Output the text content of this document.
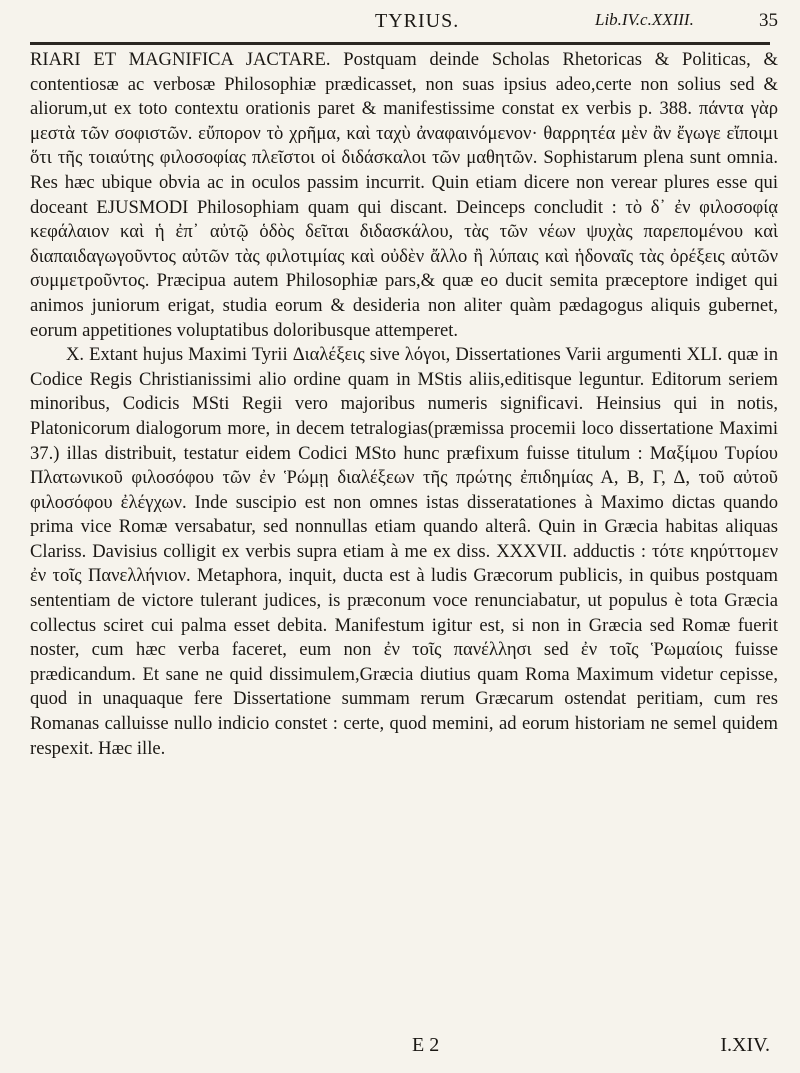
TYRIUS.	Lib.IV.c.XXIII.	35

RIARI ET MAGNIFICA JACTARE. Postquam deinde Scholas Rhetoricas & Politicas, & contentiosæ ac verbosæ Philosophiæ prædicasset, non suas ipsius adeo,certe non solius sed & aliorum,ut ex toto contextu orationis paret & manifestissime constat ex verbis p. 388. πάντα γὰρ μεστὰ τῶν σοφιστῶν. εὔπορον τὸ χρῆμα, καὶ ταχὺ ἀναφαινόμενον· θαρρητέα μὲν ἂν ἔγωγε εἴποιμι ὅτι τῆς τοιαύτης φιλοσοφίας πλεῖστοι οἱ διδάσκαλοι τῶν μαθητῶν. Sophistarum plena sunt omnia. Res hæc ubique obvia ac in oculos passim incurrit. Quin etiam dicere non verear plures esse qui doceant EJUSMODI Philosophiam quam qui discant. Deinceps concludit : τὸ δ᾽ ἐν φιλοσοφίᾳ κεφάλαιον καὶ ἡ ἐπ᾽ αὐτῷ ὁδὸς δεῖται διδασκάλου, τὰς τῶν νέων ψυχὰς παρεπομένου καὶ διαπαιδαγωγοῦντος αὐτῶν τὰς φιλοτιμίας καὶ οὐδὲν ἄλλο ἢ λύπαις καὶ ἡδοναῖς τὰς ὀρέξεις αὐτῶν συμμετροῦντος. Præcipua autem Philosophiæ pars,& quæ eo ducit semita præceptore indiget qui animos juniorum erigat, studia eorum & desideria non aliter quàm pædagogus aliquis gubernet, eorum appetitiones voluptatibus doloribusque attemperet.

X. Extant hujus Maximi Tyrii Διαλέξεις sive λόγοι, Dissertationes Varii argumenti XLI. quæ in Codice Regis Christianissimi alio ordine quam in MStis aliis,editisque leguntur. Editorum seriem minoribus, Codicis MSti Regii vero majoribus numeris significavi. Heinsius qui in notis, Platonicorum dialogorum more, in decem tetralogias(præmissa procemii loco dissertatione Maximi 37.) illas distribuit, testatur eidem Codici MSto hunc præfixum fuisse titulum : Μαξίμου Τυρίου Πλατωνικοῦ φιλοσόφου τῶν ἐν Ῥώμῃ διαλέξεων τῆς πρώτης ἐπιδημίας Α, Β, Γ, Δ, τοῦ αὐτοῦ φιλοσόφου ἐλέγχων. Inde suscipio est non omnes istas disseratationes à Maximo dictas quando prima vice Romæ versabatur, sed nonnullas etiam quando alterâ. Quin in Græcia habitas aliquas Clariss. Davisius colligit ex verbis supra etiam à me ex diss. XXXVII. adductis : τότε κηρύττομεν ἐν τοῖς Πανελλήνιον. Metaphora, inquit, ducta est à ludis Græcorum publicis, in quibus postquam sententiam de victore tulerant judices, is præconum voce renunciabatur, ut populus è tota Græcia collectus sciret cui palma esset debita. Manifestum igitur est, si non in Græcia sed Romæ fuerit noster, cum hæc verba faceret, eum non ἐν τοῖς πανέλλησι sed ἐν τοῖς Ῥωμαίοις fuisse prædicandum. Et sane ne quid dissimulem,Græcia diutius quam Roma Maximum videtur cepisse, quod in unaquaque fere Dissertatione summam rerum Græcarum ostendat peritiam, cum res Romanas calluisse nullo indicio constet : certe, quod memini, ad eorum historiam ne semel quidem respexit. Hæc ille.

E 2	I.XIV.
